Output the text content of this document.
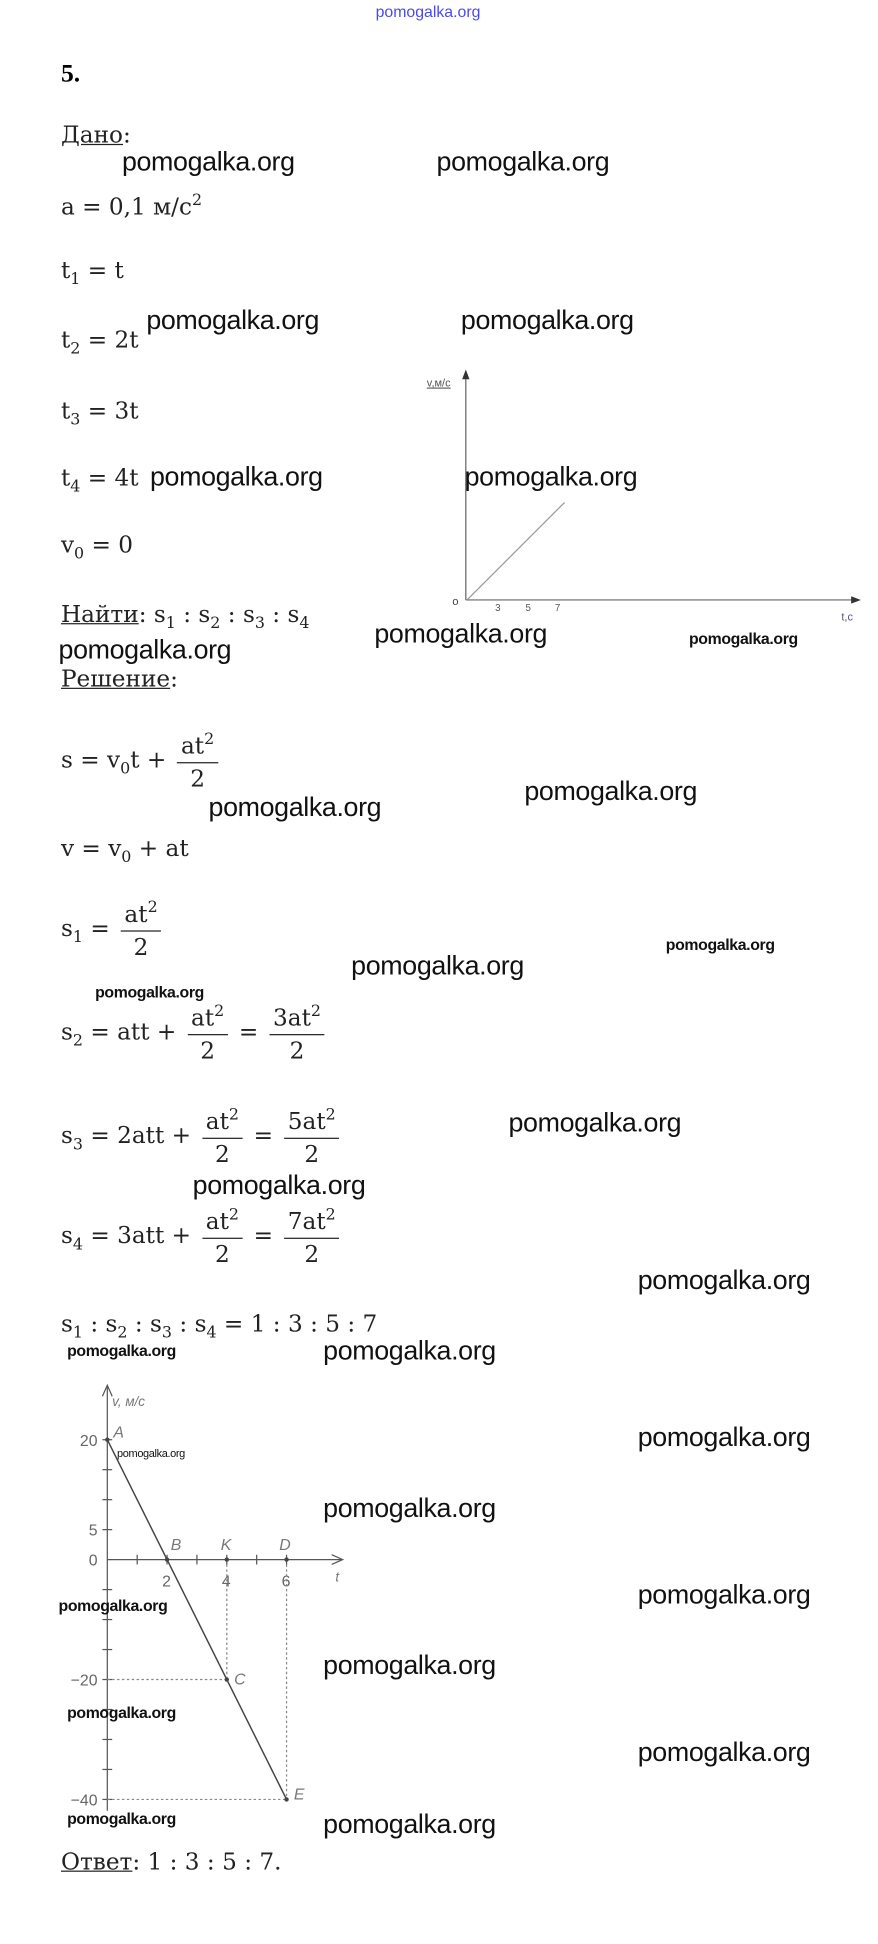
pomogalka.org
5.
Дано:
a = 0,1 $м/с^2$
$t_1 = t$
$t_2 = 2t$
$t_3 = 3t$
$t_4 = 4t$
$v_0 = 0$
Найти: $s_1$ : $s_2$ : $s_3$ : $s_4$
Решение:
$s = v_0t + \frac{at^2}{2}$
$v = v_0$ + at
$s_1 = \frac{at^2}{2}$
$s_2$ = att + $\frac{at^2}{2} = \frac{3at^2}{2}$
$s_3 = 2att + \frac{at^2}{2} = \frac{5at^2}{2}$
$s_4 = 3att + \frac{at^2}{2} = \frac{7at^2}{2}$
$s_1$ : $s_2$ : $s_3$ : $s_4 = 1$ : 3 : 5 : 7
Ответ: 1 : 3 : 5 : 7.
v,м/с
o
3	5	7
t,c
v, м/с
t
20
5
0
−20
−40
2	4	6
A
B	K	D
C
E
pomogalka.org	pomogalka.org
pomogalka.org	pomogalka.org
pomogalka.org	pomogalka.org
pomogalka.org
pomogalka.org	pomogalka.org
pomogalka.org
pomogalka.org
pomogalka.org
pomogalka.org
pomogalka.org
pomogalka.org
pomogalka.org
pomogalka.org
pomogalka.org	pomogalka.org
pomogalka.org
pomogalka.org
pomogalka.org
pomogalka.org
pomogalka.org
pomogalka.org
pomogalka.org
pomogalka.org
pomogalka.org	pomogalka.org
